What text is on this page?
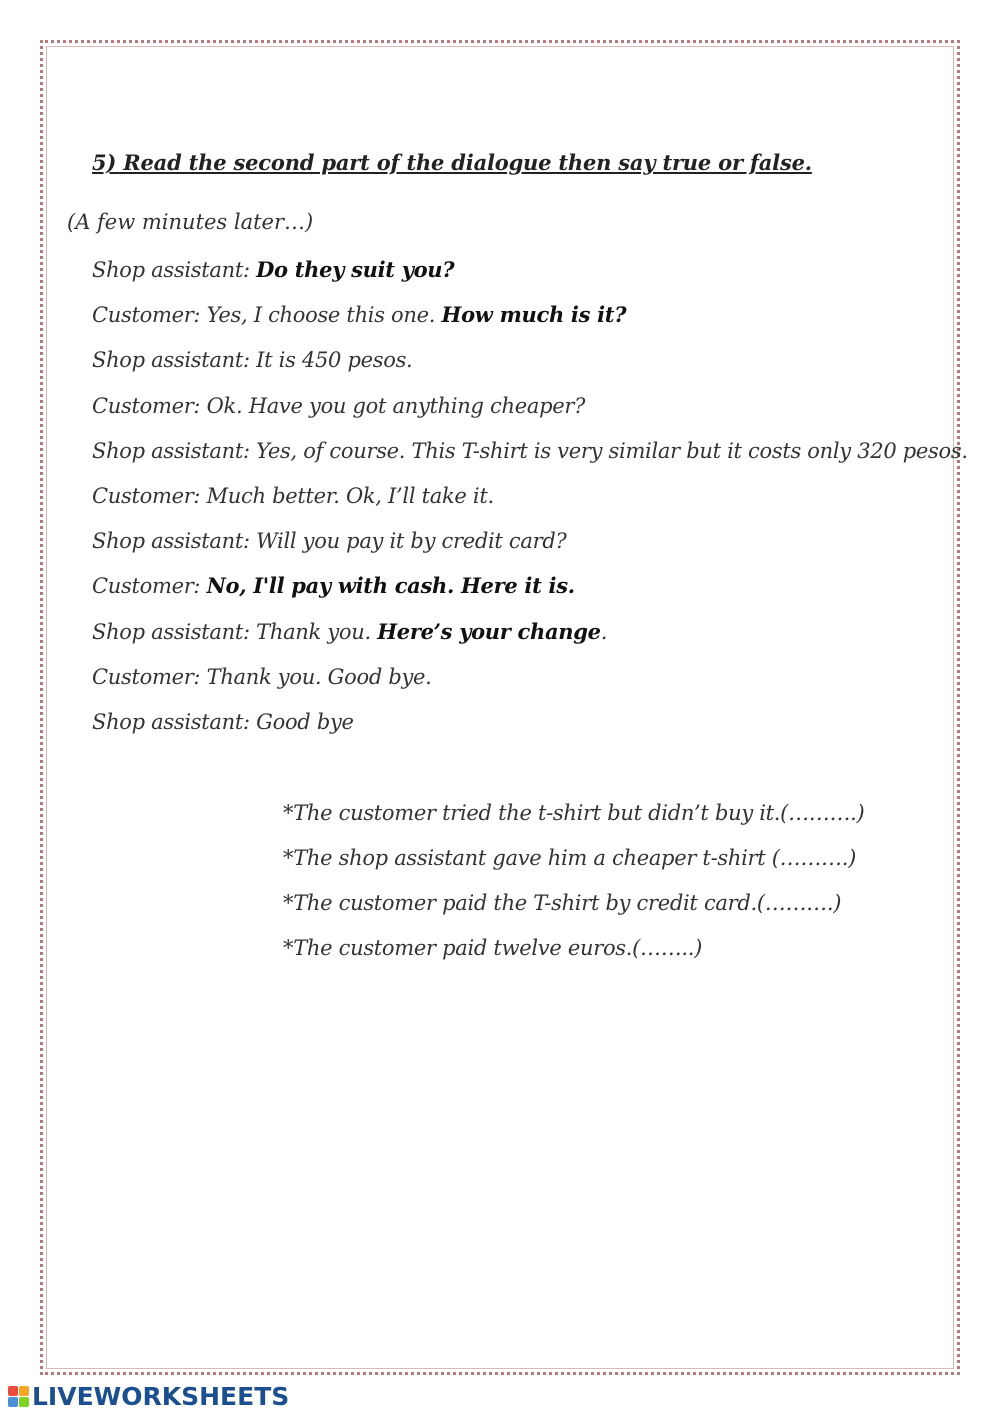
5) Read the second part of the dialogue then say true or false.
(A few minutes later…)
Shop assistant: Do they suit you?
Customer: Yes, I choose this one. How much is it?
Shop assistant: It is 450 pesos.
Customer: Ok. Have you got anything cheaper?
Shop assistant: Yes, of course. This T-shirt is very similar but it costs only 320 pesos.
Customer: Much better. Ok, I’ll take it.
Shop assistant: Will you pay it by credit card?
Customer: No, I'll pay with cash. Here it is.
Shop assistant: Thank you. Here’s your change.
Customer: Thank you. Good bye.
Shop assistant: Good bye
*The customer tried the t-shirt but didn’t buy it.(……….)
*The shop assistant gave him a cheaper t-shirt (……….)
*The customer paid the T-shirt by credit card.(……….)
*The customer paid twelve euros.(……..)
LIVEWORKSHEETS
